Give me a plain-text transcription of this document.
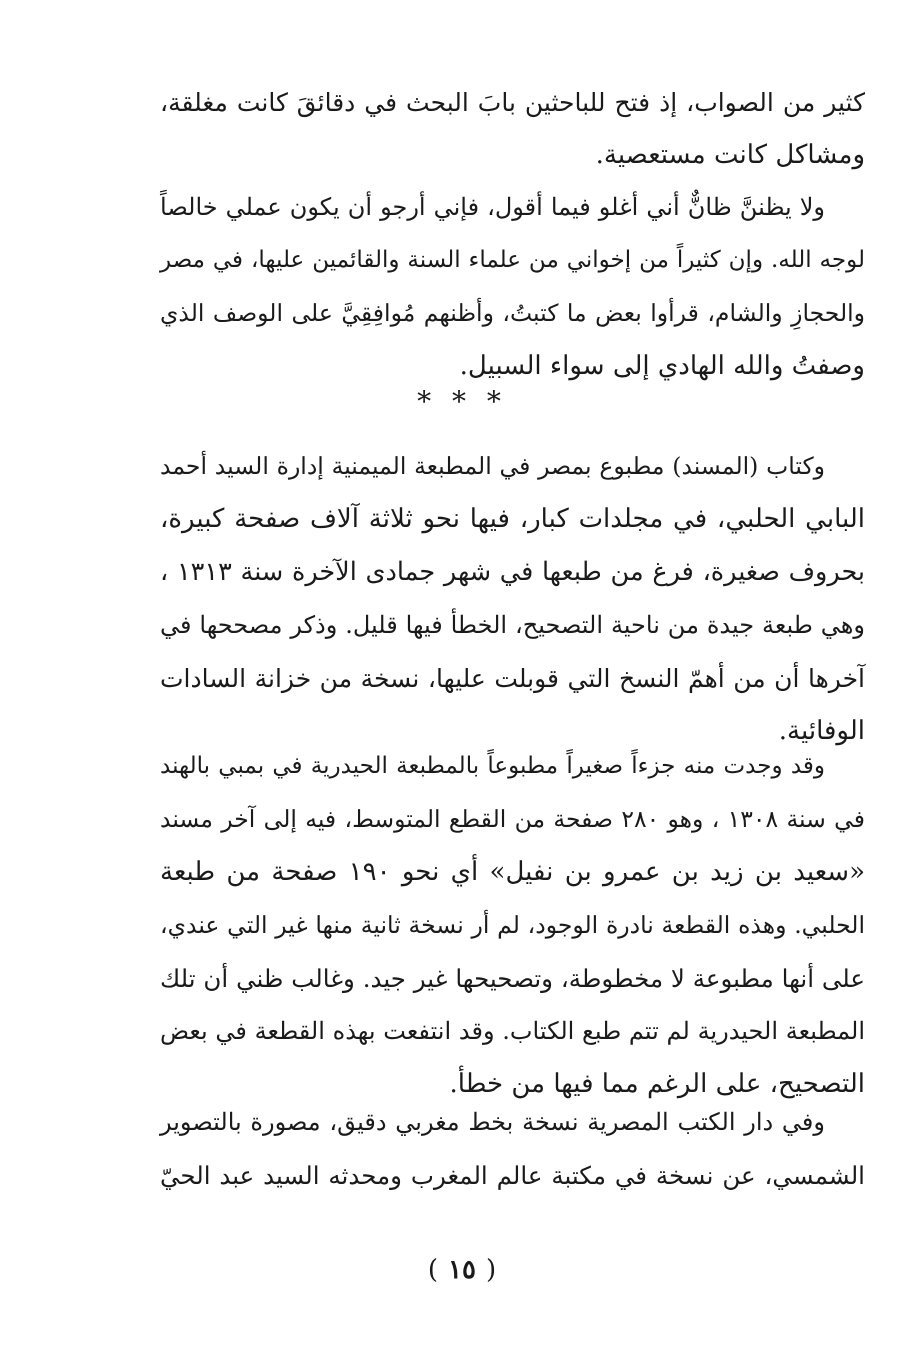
كثير من الصواب، إذ فتح للباحثين بابَ البحث في دقائقَ كانت مغلقة،
ومشاكل كانت مستعصية.
ولا يظننَّ ظانٌّ أني أغلو فيما أقول، فإني أرجو أن يكون عملي خالصاً
لوجه الله. وإن كثيراً من إخواني من علماء السنة والقائمين عليها، في مصر
والحجازِ والشام، قرأوا بعض ما كتبتُ، وأظنهم مُوافِقِيَّ على الوصف الذي
وصفتُ والله الهادي إلى سواء السبيل.
* * *
وكتاب (المسند) مطبوع بمصر في المطبعة الميمنية إدارة السيد أحمد
البابي الحلبي، في مجلدات كبار، فيها نحو ثلاثة آلاف صفحة كبيرة،
بحروف صغيرة، فرغ من طبعها في شهر جمادى الآخرة سنة ١٣١٣ ،
وهي طبعة جيدة من ناحية التصحيح، الخطأ فيها قليل. وذكر مصححها في
آخرها أن من أهمّ النسخ التي قوبلت عليها، نسخة من خزانة السادات
الوفائية.
وقد وجدت منه جزءاً صغيراً مطبوعاً بالمطبعة الحيدرية في بمبي بالهند
في سنة ١٣٠٨ ، وهو ٢٨٠ صفحة من القطع المتوسط، فيه إلى آخر مسند
«سعيد بن زيد بن عمرو بن نفيل» أي نحو ١٩٠ صفحة من طبعة
الحلبي. وهذه القطعة نادرة الوجود، لم أر نسخة ثانية منها غير التي عندي،
على أنها مطبوعة لا مخطوطة، وتصحيحها غير جيد. وغالب ظني أن تلك
المطبعة الحيدرية لم تتم طبع الكتاب. وقد انتفعت بهذه القطعة في بعض
التصحيح، على الرغم مما فيها من خطأ.
وفي دار الكتب المصرية نسخة بخط مغربي دقيق، مصورة بالتصوير
الشمسي، عن نسخة في مكتبة عالم المغرب ومحدثه السيد عبد الحيّ
(١٥)
